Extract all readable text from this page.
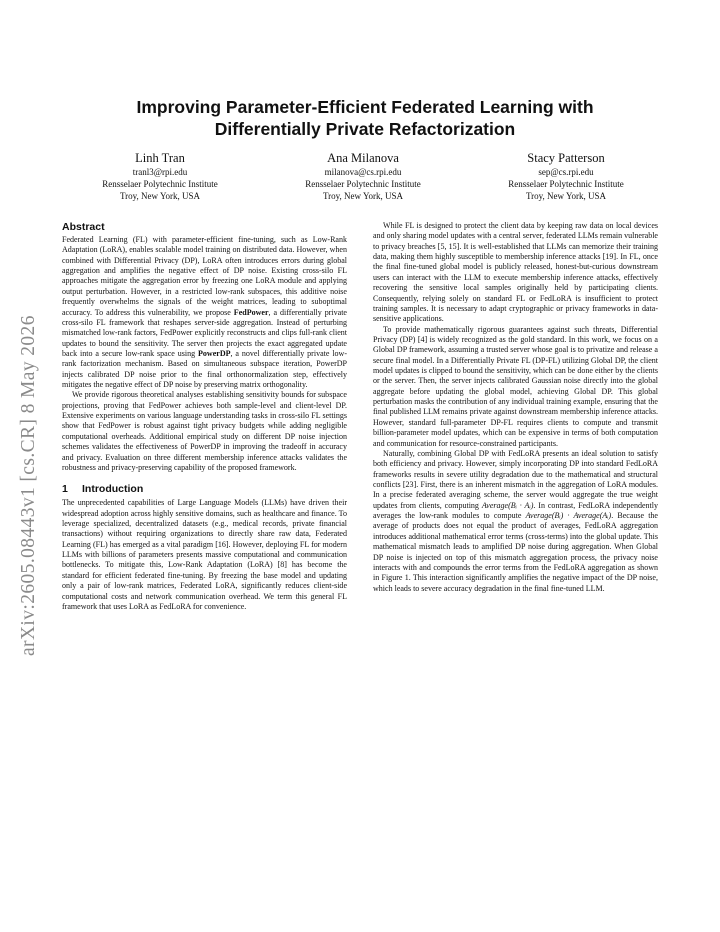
arXiv:2605.08443v1 [cs.CR] 8 May 2026
Improving Parameter-Efficient Federated Learning with
Differentially Private Refactorization
Linh Tran
tranl3@rpi.edu
Rensselaer Polytechnic Institute
Troy, New York, USA
Ana Milanova
milanova@cs.rpi.edu
Rensselaer Polytechnic Institute
Troy, New York, USA
Stacy Patterson
sep@cs.rpi.edu
Rensselaer Polytechnic Institute
Troy, New York, USA
Abstract

Federated Learning (FL) with parameter-efficient fine-tuning, such as Low-Rank Adaptation (LoRA), enables scalable model training on distributed data. However, when combined with Differential Privacy (DP), LoRA often introduces errors during global aggregation and amplifies the negative effect of DP noise. Existing cross-silo FL approaches mitigate the aggregation error by freezing one LoRA module and applying output perturbation. However, in a restricted low-rank subspaces, this additive noise frequently overwhelms the signals of the weight matrices, leading to suboptimal accuracy. To address this vulnerability, we propose FedPower, a differentially private cross-silo FL framework that reshapes server-side aggregation. Instead of perturbing mismatched low-rank factors, FedPower explicitly reconstructs and clips full-rank client updates to bound the sensitivity. The server then projects the exact aggregated update back into a secure low-rank space using PowerDP, a novel differentially private low-rank factorization mechanism. Based on simultaneous subspace iteration, PowerDP injects calibrated DP noise prior to the final orthonormalization step, effectively mitigates the negative effect of DP noise by preserving matrix orthogonality.

We provide rigorous theoretical analyses establishing sensitivity bounds for subspace projections, proving that FedPower achieves both sample-level and client-level DP. Extensive experiments on various language understanding tasks in cross-silo FL settings show that FedPower is robust against tight privacy budgets while adding negligible computational overheads. Additional empirical study on different DP noise injection schemes validates the effectiveness of PowerDP in improving the tradeoff in accuracy and privacy. Evaluation on three different membership inference attacks validates the robustness and privacy-preserving capability of the proposed framework.

1 Introduction

The unprecedented capabilities of Large Language Models (LLMs) have driven their widespread adoption across highly sensitive domains, such as healthcare and finance. To leverage specialized, decentralized datasets (e.g., medical records, private financial transactions) without requiring organizations to directly share raw data, Federated Learning (FL) has emerged as a vital paradigm [16]. However, deploying FL for modern LLMs with billions of parameters presents massive computational and communication bottlenecks. To mitigate this, Low-Rank Adaptation (LoRA) [8] has become the standard for efficient federated fine-tuning. By freezing the base model and updating only a pair of low-rank matrices, Federated LoRA, significantly reduces client-side computational costs and network communication overhead. We term this general FL framework that uses LoRA as FedLoRA for convenience.

While FL is designed to protect the client data by keeping raw data on local devices and only sharing model updates with a central server, federated LLMs remain vulnerable to privacy breaches [5, 15]. It is well-established that LLMs can memorize their training data, making them highly susceptible to membership inference attacks [19]. In FL, once the final fine-tuned global model is publicly released, honest-but-curious downstream users can interact with the LLM to execute membership inference attacks, effectively recovering the sensitive local samples originally held by participating clients. Consequently, relying solely on standard FL or FedLoRA is insufficient to protect training samples. It is necessary to adapt cryptographic or privacy frameworks in data-sensitive applications.

To provide mathematically rigorous guarantees against such threats, Differential Privacy (DP) [4] is widely recognized as the gold standard. In this work, we focus on a Global DP framework, assuming a trusted server whose goal is to privatize and release a secure final model. In a Differentially Private FL (DP-FL) utilizing Global DP, the client model updates is clipped to bound the sensitivity, which can be done either by the clients or the server. Then, the server injects calibrated Gaussian noise directly into the global aggregate before updating the global model, achieving Global DP. This global perturbation masks the contribution of any individual training example, ensuring that the final published LLM remains private against downstream membership inference attacks. However, standard full-parameter DP-FL requires clients to compute and transmit billion-parameter model updates, which can be expensive in terms of both computation and communication for resource-constrained participants.

Naturally, combining Global DP with FedLoRA presents an ideal solution to satisfy both efficiency and privacy. However, simply incorporating DP into standard FedLoRA frameworks results in severe utility degradation due to the mathematical and structural conflicts [23]. First, there is an inherent mismatch in the aggregation of LoRA modules. In a precise federated averaging scheme, the server would aggregate the true weight updates from clients, computing Average(Bᵢ · Aᵢ). In contrast, FedLoRA independently averages the low-rank modules to compute Average(Bᵢ) · Average(Aᵢ). Because the average of products does not equal the product of averages, FedLoRA aggregation introduces additional mathematical error terms (cross-terms) into the global update. This mathematical mismatch leads to amplified DP noise during aggregation. When Global DP noise is injected on top of this mismatch aggregation process, the privacy noise interacts with and compounds the error terms from the FedLoRA aggregation as shown in Figure 1. This interaction significantly amplifies the negative impact of the DP noise, which leads to severe accuracy degradation in the final fine-tuned LLM.
